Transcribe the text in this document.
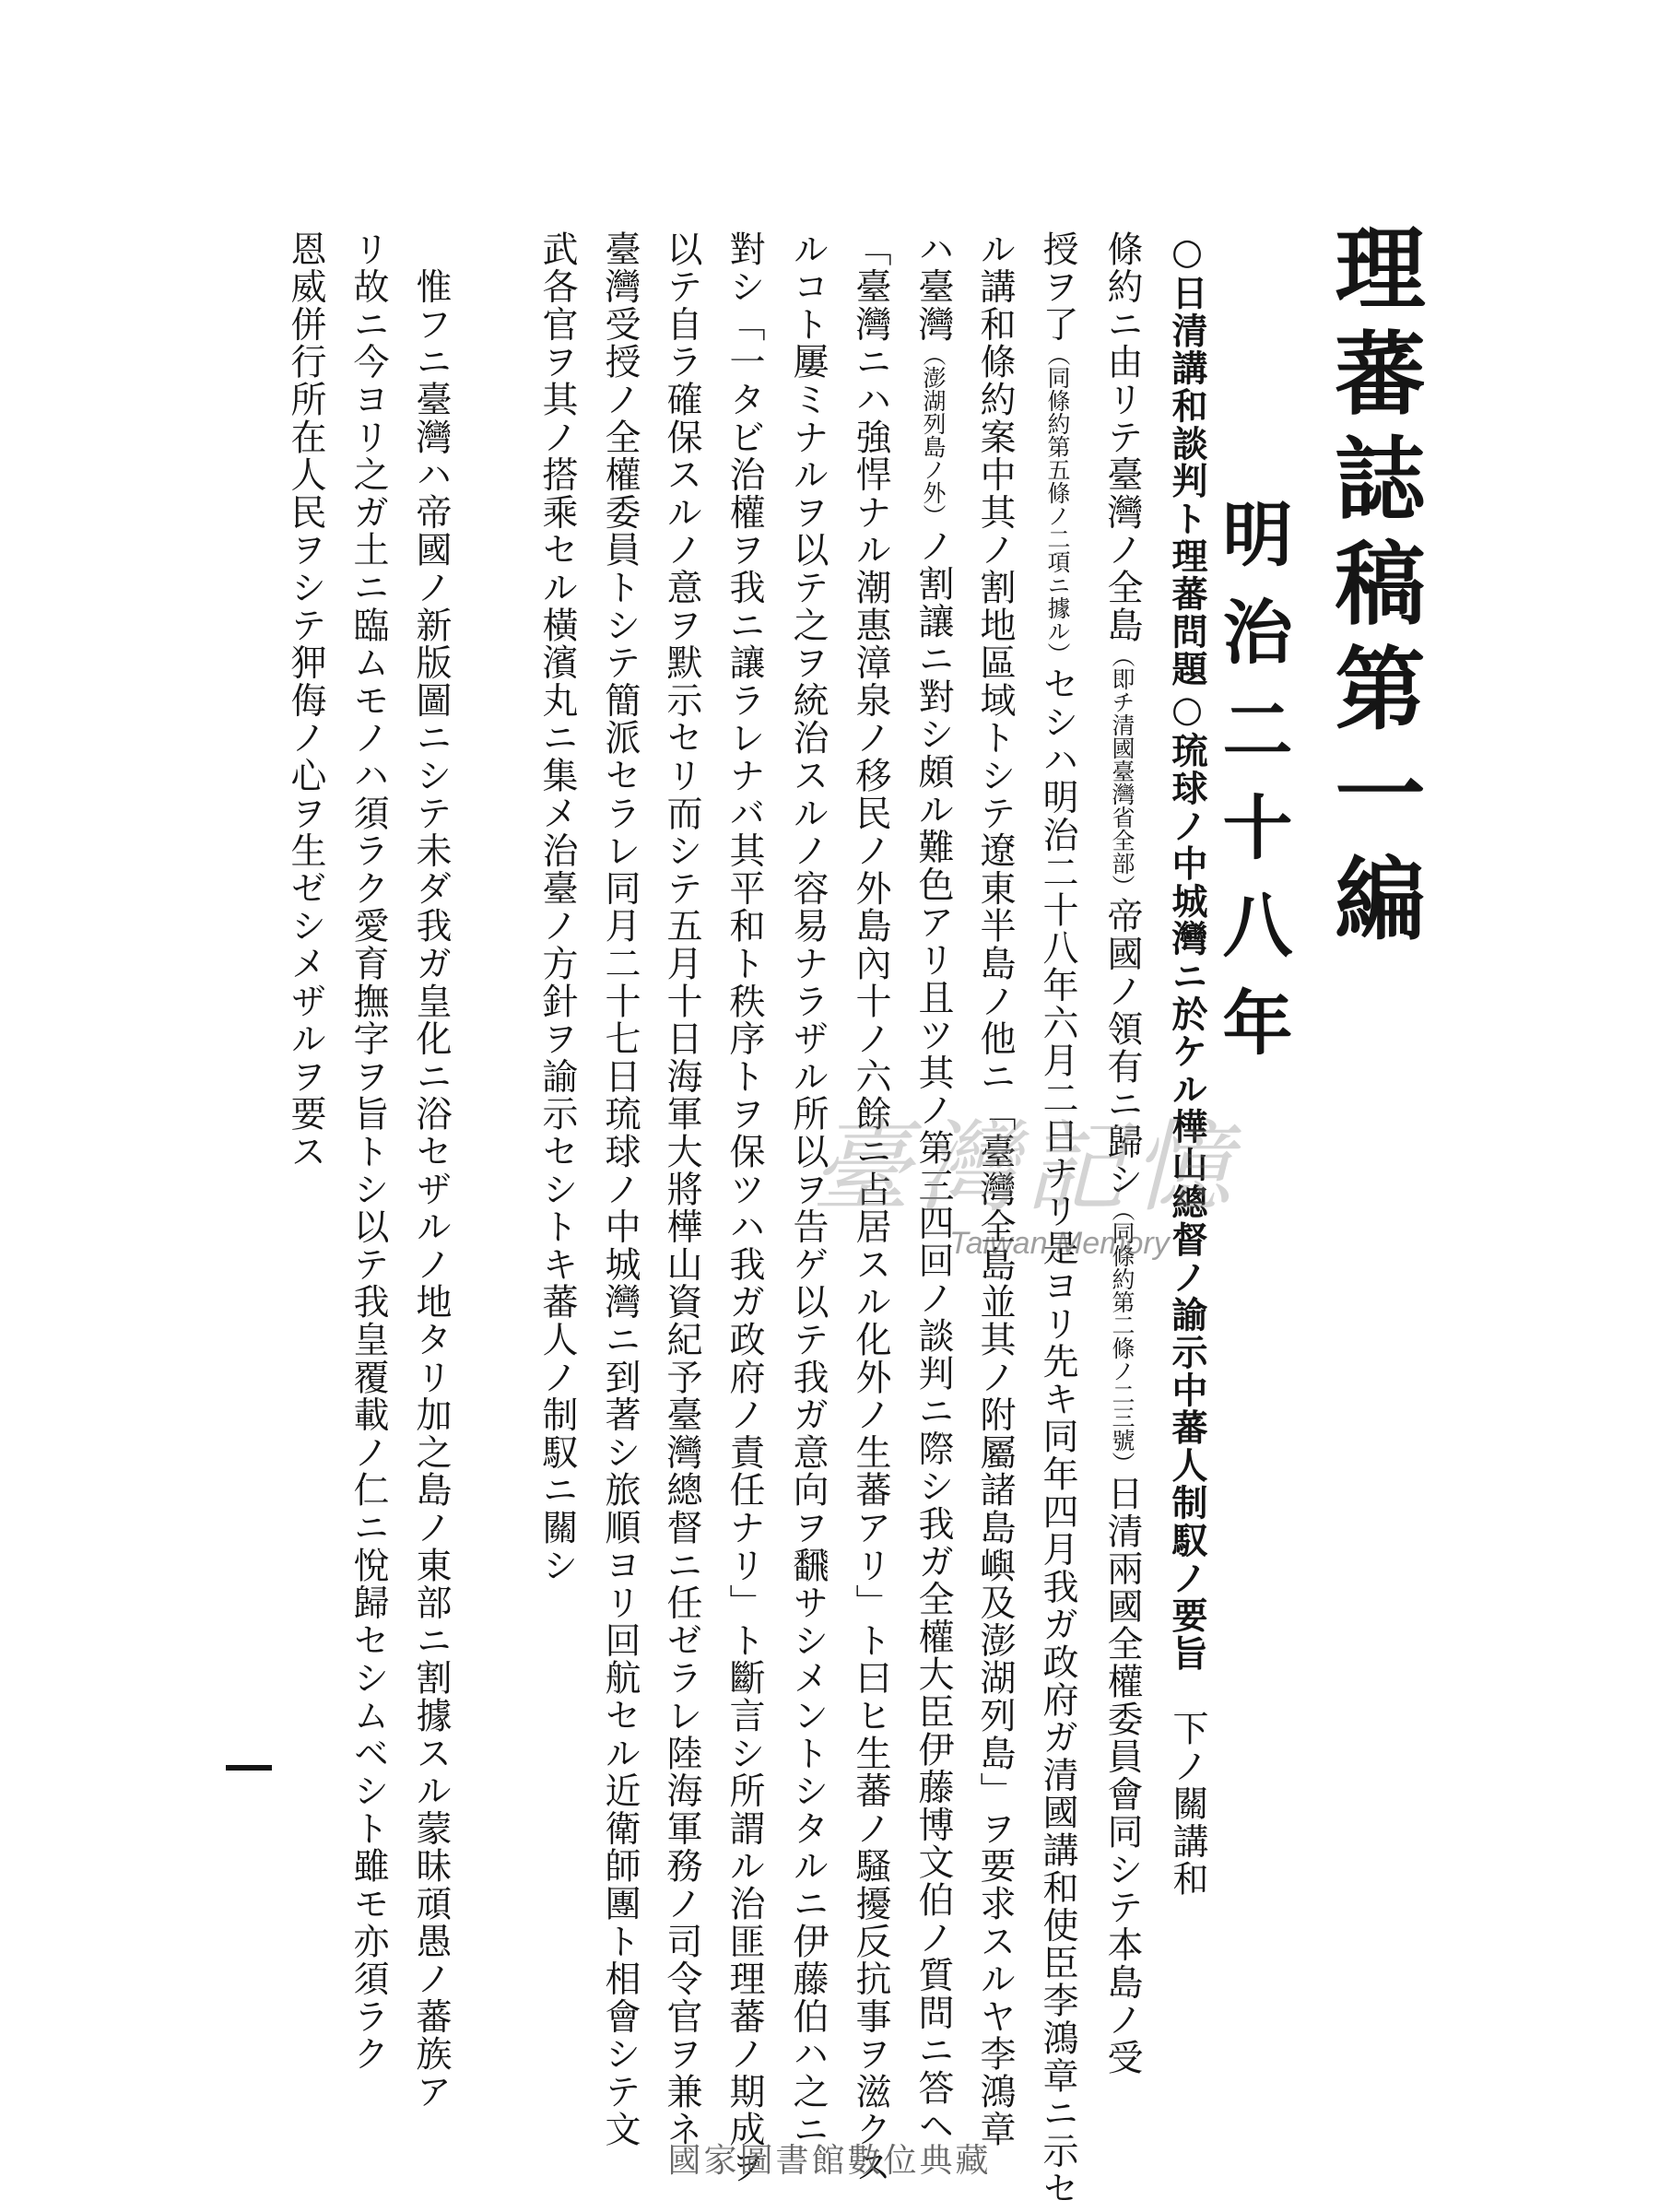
理蕃誌稿第一編
明治二十八年
○日清講和談判ト理蕃問題○琉球ノ中城灣ニ於ケル樺山總督ノ諭示中蕃人制馭ノ要旨　下ノ關講和
條約ニ由リテ臺灣ノ全島（即チ清國臺灣省全部）帝國ノ領有ニ歸シ（同條約第二條ノ二三號）日清兩國全權委員會同シテ本島ノ受
授ヲ了（同條約第五條ノ二項ニ據ル）セシハ明治二十八年六月二日ナリ是ヨリ先キ同年四月我ガ政府ガ清國講和使臣李鴻章ニ示セ
ル講和條約案中其ノ割地區域トシテ遼東半島ノ他ニ「臺灣全島並其ノ附屬諸島嶼及澎湖列島」ヲ要求スルヤ李鴻章
ハ臺灣（澎湖列島ノ外）ノ割讓ニ對シ頗ル難色アリ且ツ其ノ第三四回ノ談判ニ際シ我ガ全權大臣伊藤博文伯ノ質問ニ答ヘ
「臺灣ニハ強悍ナル潮惠漳泉ノ移民ノ外島內十ノ六餘ニ占居スル化外ノ生蕃アリ」ト曰ヒ生蕃ノ騷擾反抗事ヲ滋クス
ルコト屢ミナルヲ以テ之ヲ統治スルノ容易ナラザル所以ヲ告ゲ以テ我ガ意向ヲ飜サシメントシタルニ伊藤伯ハ之ニ
對シ「一タビ治權ヲ我ニ讓ラレナバ其平和ト秩序トヲ保ツハ我ガ政府ノ責任ナリ」ト斷言シ所謂ル治匪理蕃ノ期成ヲ
以テ自ラ確保スルノ意ヲ默示セリ而シテ五月十日海軍大將樺山資紀予臺灣總督ニ任ゼラレ陸海軍務ノ司令官ヲ兼ネ
臺灣受授ノ全權委員トシテ簡派セラレ同月二十七日琉球ノ中城灣ニ到著シ旅順ヨリ回航セル近衛師團ト相會シテ文
武各官ヲ其ノ搭乘セル橫濱丸ニ集メ治臺ノ方針ヲ諭示セシトキ蕃人ノ制馭ニ關シ
　惟フニ臺灣ハ帝國ノ新版圖ニシテ未ダ我ガ皇化ニ浴セザルノ地タリ加之島ノ東部ニ割據スル蒙昧頑愚ノ蕃族ア
リ故ニ今ヨリ之ガ土ニ臨ムモノハ須ラク愛育撫字ヲ旨トシ以テ我皇覆載ノ仁ニ悅歸セシムベシト雖モ亦須ラク
恩威併行所在人民ヲシテ狎侮ノ心ヲ生ゼシメザルヲ要ス	臺灣記憶
Taiwan Memory
國家圖書館數位典藏
